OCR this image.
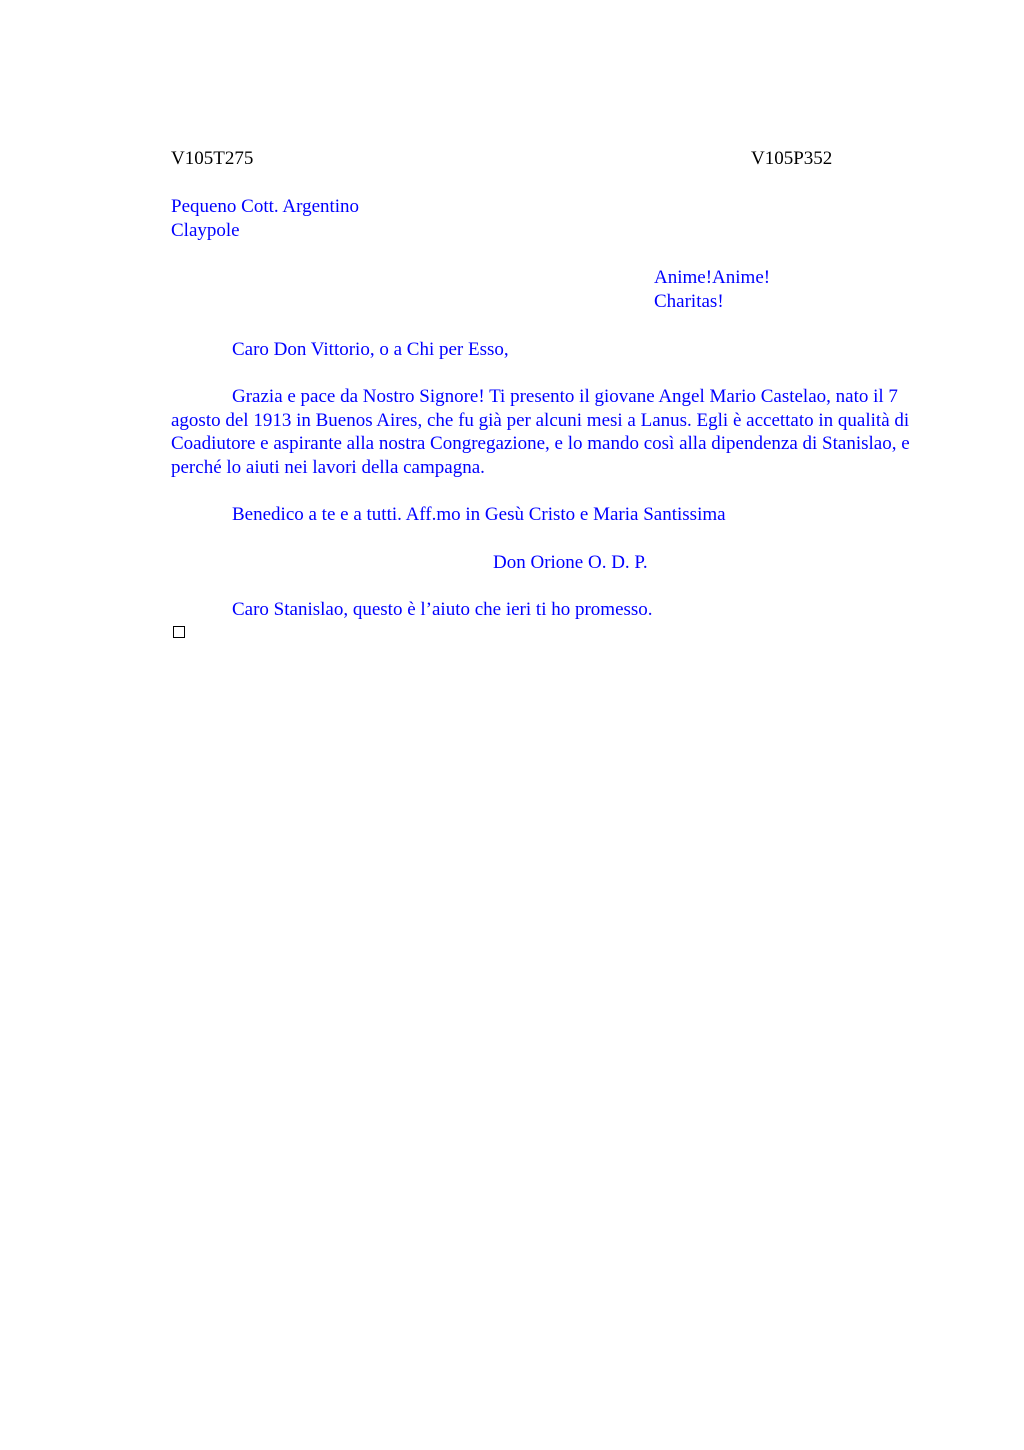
V105T275	V105P352
Pequeno Cott. Argentino
Claypole
Anime!Anime!
Charitas!
Caro Don Vittorio, o a Chi per Esso,

Grazia e pace da Nostro Signore! Ti presento il giovane Angel Mario Castelao, nato il 7 agosto del 1913 in Buenos Aires, che fu già per alcuni mesi a Lanus. Egli è accettato in qualità di Coadiutore e aspirante alla nostra Congregazione, e lo mando così alla dipendenza di Stanislao, e perché lo aiuti nei lavori della campagna.

Benedico a te e a tutti. Aff.mo in Gesù Cristo e Maria Santissima
Don Orione O. D. P.
Caro Stanislao, questo è l’aiuto che ieri ti ho promesso.
